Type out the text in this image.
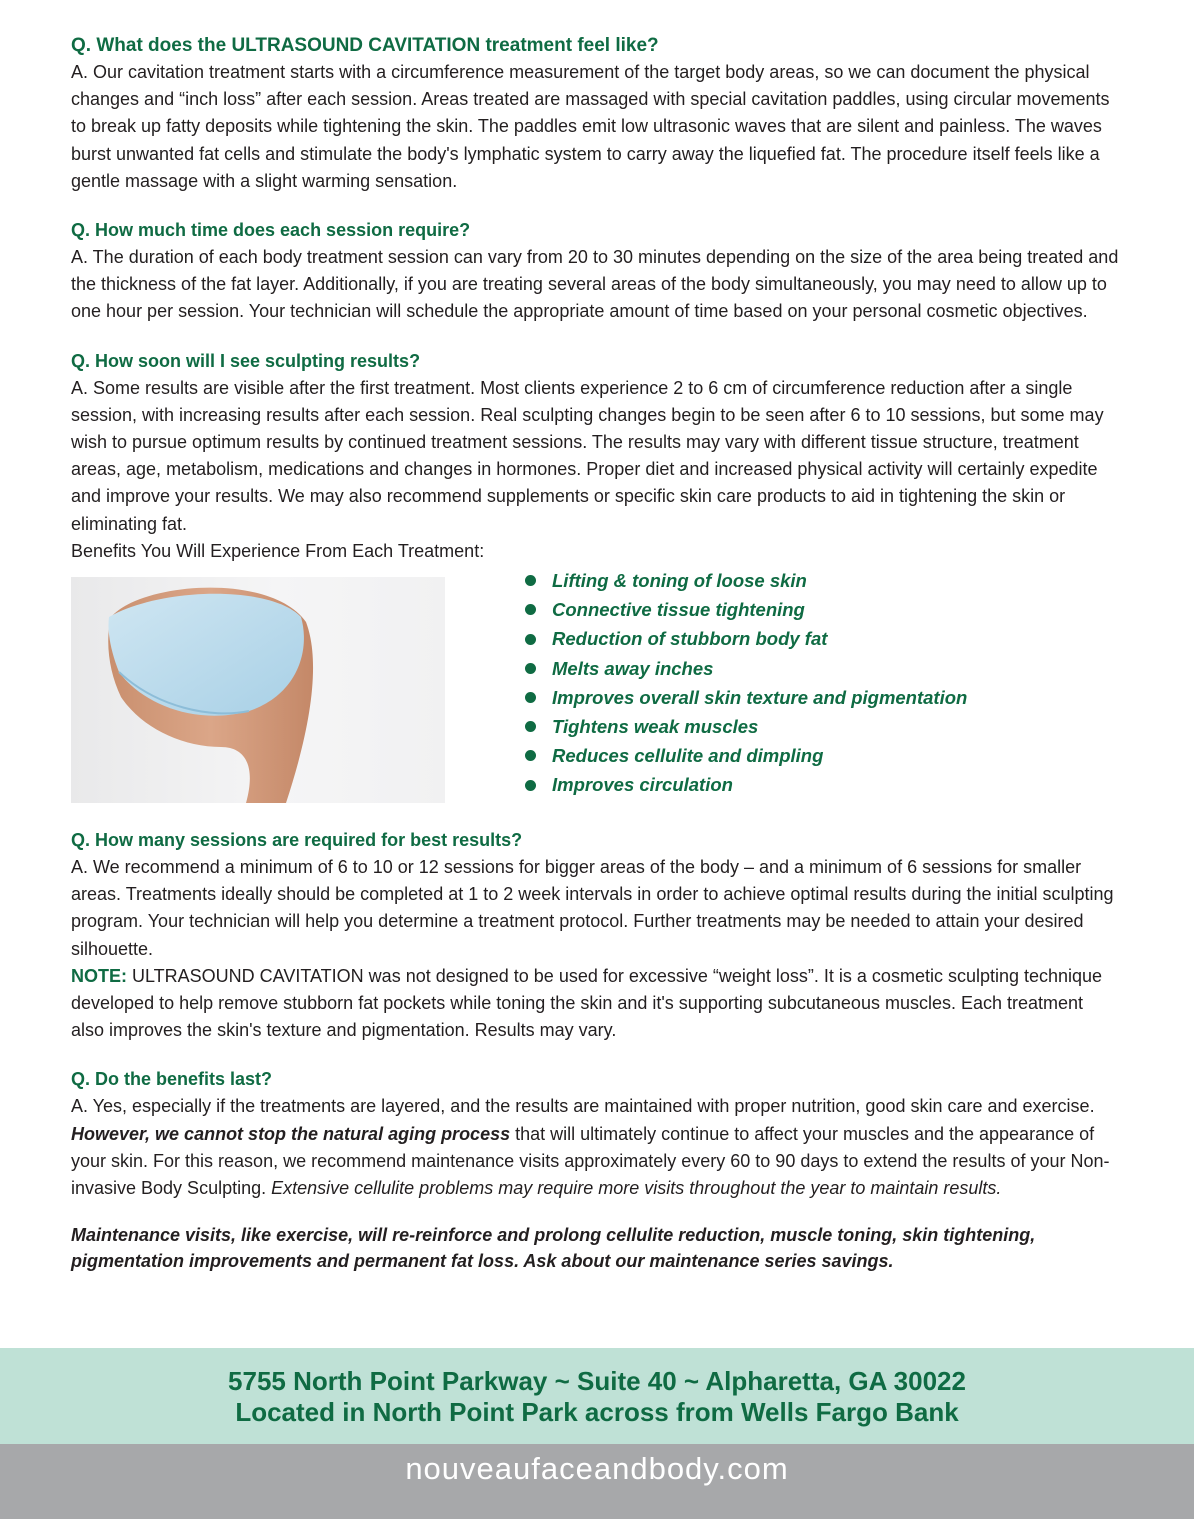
Q. What does the ULTRASOUND CAVITATION treatment feel like?

A. Our cavitation treatment starts with a circumference measurement of the target body areas, so we can document the physical changes and “inch loss” after each session. Areas treated are massaged with special cavitation paddles, using circular movements to break up fatty deposits while tightening the skin. The paddles emit low ultrasonic waves that are silent and painless. The waves burst unwanted fat cells and stimulate the body's lymphatic system to carry away the liquefied fat. The procedure itself feels like a gentle massage with a slight warming sensation.

Q. How much time does each session require?

A. The duration of each body treatment session can vary from 20 to 30 minutes depending on the size of the area being treated and the thickness of the fat layer. Additionally, if you are treating several areas of the body simultaneously, you may need to allow up to one hour per session. Your technician will schedule the appropriate amount of time based on your personal cosmetic objectives.

Q. How soon will I see sculpting results?

A. Some results are visible after the first treatment. Most clients experience 2 to 6 cm of circumference reduction after a single session, with increasing results after each session. Real sculpting changes begin to be seen after 6 to 10 sessions, but some may wish to pursue optimum results by continued treatment sessions. The results may vary with different tissue structure, treatment areas, age, metabolism, medications and changes in hormones. Proper diet and increased physical activity will certainly expedite and improve your results. We may also recommend supplements or specific skin care products to aid in tightening the skin or eliminating fat.

Benefits You Will Experience From Each Treatment:

Lifting & toning of loose skin
Connective tissue tightening
Reduction of stubborn body fat
Melts away inches
Improves overall skin texture and pigmentation
Tightens weak muscles
Reduces cellulite and dimpling
Improves circulation

Q. How many sessions are required for best results?

A. We recommend a minimum of 6 to 10 or 12 sessions for bigger areas of the body – and a minimum of 6 sessions for smaller areas. Treatments ideally should be completed at 1 to 2 week intervals in order to achieve optimal results during the initial sculpting program. Your technician will help you determine a treatment protocol. Further treatments may be needed to attain your desired silhouette.

NOTE: ULTRASOUND CAVITATION was not designed to be used for excessive “weight loss”. It is a cosmetic sculpting technique developed to help remove stubborn fat pockets while toning the skin and it's supporting subcutaneous muscles. Each treatment also improves the skin's texture and pigmentation. Results may vary.

Q. Do the benefits last?

A. Yes, especially if the treatments are layered, and the results are maintained with proper nutrition, good skin care and exercise. However, we cannot stop the natural aging process that will ultimately continue to affect your muscles and the appearance of your skin. For this reason, we recommend maintenance visits approximately every 60 to 90 days to extend the results of your Non-invasive Body Sculpting. Extensive cellulite problems may require more visits throughout the year to maintain results.

Maintenance visits, like exercise, will re-reinforce and prolong cellulite reduction, muscle toning, skin tightening, pigmentation improvements and permanent fat loss. Ask about our maintenance series savings.

5755 North Point Parkway ~ Suite 40 ~ Alpharetta, GA 30022
Located in North Point Park across from Wells Fargo Bank
nouveaufaceandbody.com
